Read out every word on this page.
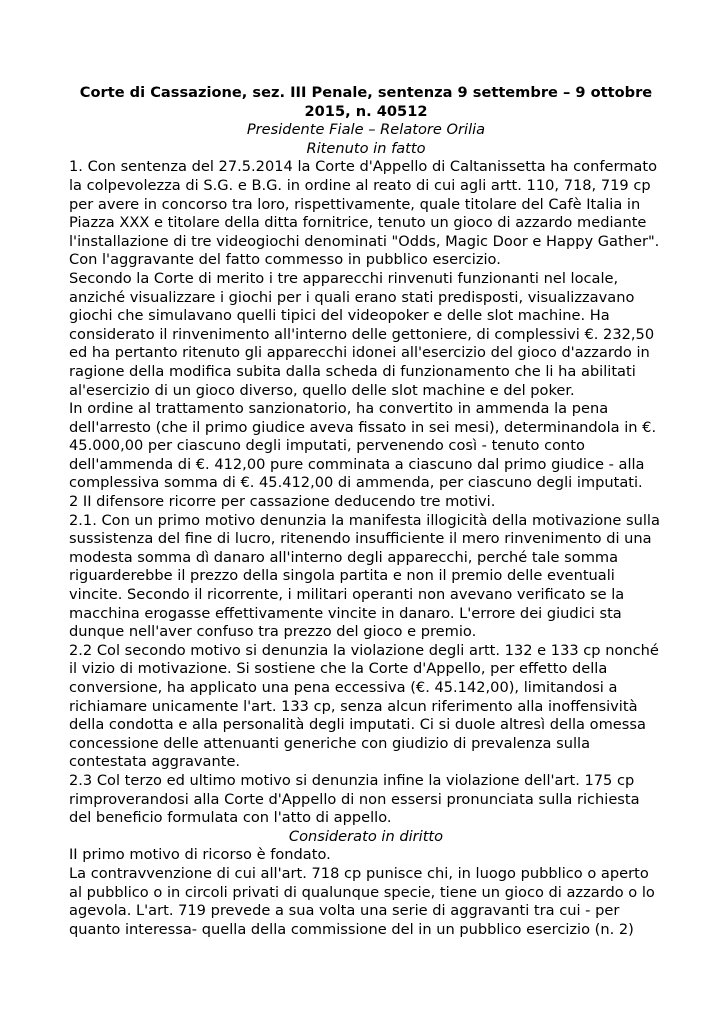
Corte di Cassazione, sez. III Penale, sentenza 9 settembre – 9 ottobre 2015, n. 40512

Presidente Fiale – Relatore Orilia

Ritenuto in fatto

1. Con sentenza del 27.5.2014 la Corte d'Appello di Caltanissetta ha confermato la colpevolezza di S.G. e B.G. in ordine al reato di cui agli artt. 110, 718, 719 cp per avere in concorso tra loro, rispettivamente, quale titolare del Cafè Italia in Piazza XXX e titolare della ditta fornitrice, tenuto un gioco di azzardo mediante l'installazione di tre videogiochi denominati "Odds, Magic Door e Happy Gather". Con l'aggravante del fatto commesso in pubblico esercizio.

Secondo la Corte di merito i tre apparecchi rinvenuti funzionanti nel locale, anziché visualizzare i giochi per i quali erano stati predisposti, visualizzavano giochi che simulavano quelli tipici del videopoker e delle slot machine. Ha considerato il rinvenimento all'interno delle gettoniere, di complessivi €. 232,50 ed ha pertanto ritenuto gli apparecchi idonei all'esercizio del gioco d'azzardo in ragione della modifica subita dalla scheda di funzionamento che li ha abilitati al'esercizio di un gioco diverso, quello delle slot machine e del poker.

In ordine al trattamento sanzionatorio, ha convertito in ammenda la pena dell'arresto (che il primo giudice aveva fissato in sei mesi), determinandola in €. 45.000,00 per ciascuno degli imputati, pervenendo così - tenuto conto dell'ammenda di €. 412,00 pure comminata a ciascuno dal primo giudice - alla complessiva somma di €. 45.412,00 di ammenda, per ciascuno degli imputati.

2 II difensore ricorre per cassazione deducendo tre motivi.

2.1. Con un primo motivo denunzia la manifesta illogicità della motivazione sulla sussistenza del fine di lucro, ritenendo insufficiente il mero rinvenimento di una modesta somma dì danaro all'interno degli apparecchi, perché tale somma riguarderebbe il prezzo della singola partita e non il premio delle eventuali vincite. Secondo il ricorrente, i militari operanti non avevano verificato se la macchina erogasse effettivamente vincite in danaro. L'errore dei giudici sta dunque nell'aver confuso tra prezzo del gioco e premio.

2.2 Col secondo motivo si denunzia la violazione degli artt. 132 e 133 cp nonché il vizio di motivazione. Si sostiene che la Corte d'Appello, per effetto della conversione, ha applicato una pena eccessiva (€. 45.142,00), limitandosi a richiamare unicamente l'art. 133 cp, senza alcun riferimento alla inoffensività della condotta e alla personalità degli imputati. Ci si duole altresì della omessa concessione delle attenuanti generiche con giudizio di prevalenza sulla contestata aggravante.

2.3 Col terzo ed ultimo motivo si denunzia infine la violazione dell'art. 175 cp rimproverandosi alla Corte d'Appello di non essersi pronunciata sulla richiesta del beneficio formulata con l'atto di appello.

Considerato in diritto

II primo motivo di ricorso è fondato.

La contravvenzione di cui all'art. 718 cp punisce chi, in luogo pubblico o aperto al pubblico o in circoli privati di qualunque specie, tiene un gioco di azzardo o lo agevola. L'art. 719 prevede a sua volta una serie di aggravanti tra cui - per quanto interessa- quella della commissione del in un pubblico esercizio (n. 2)
